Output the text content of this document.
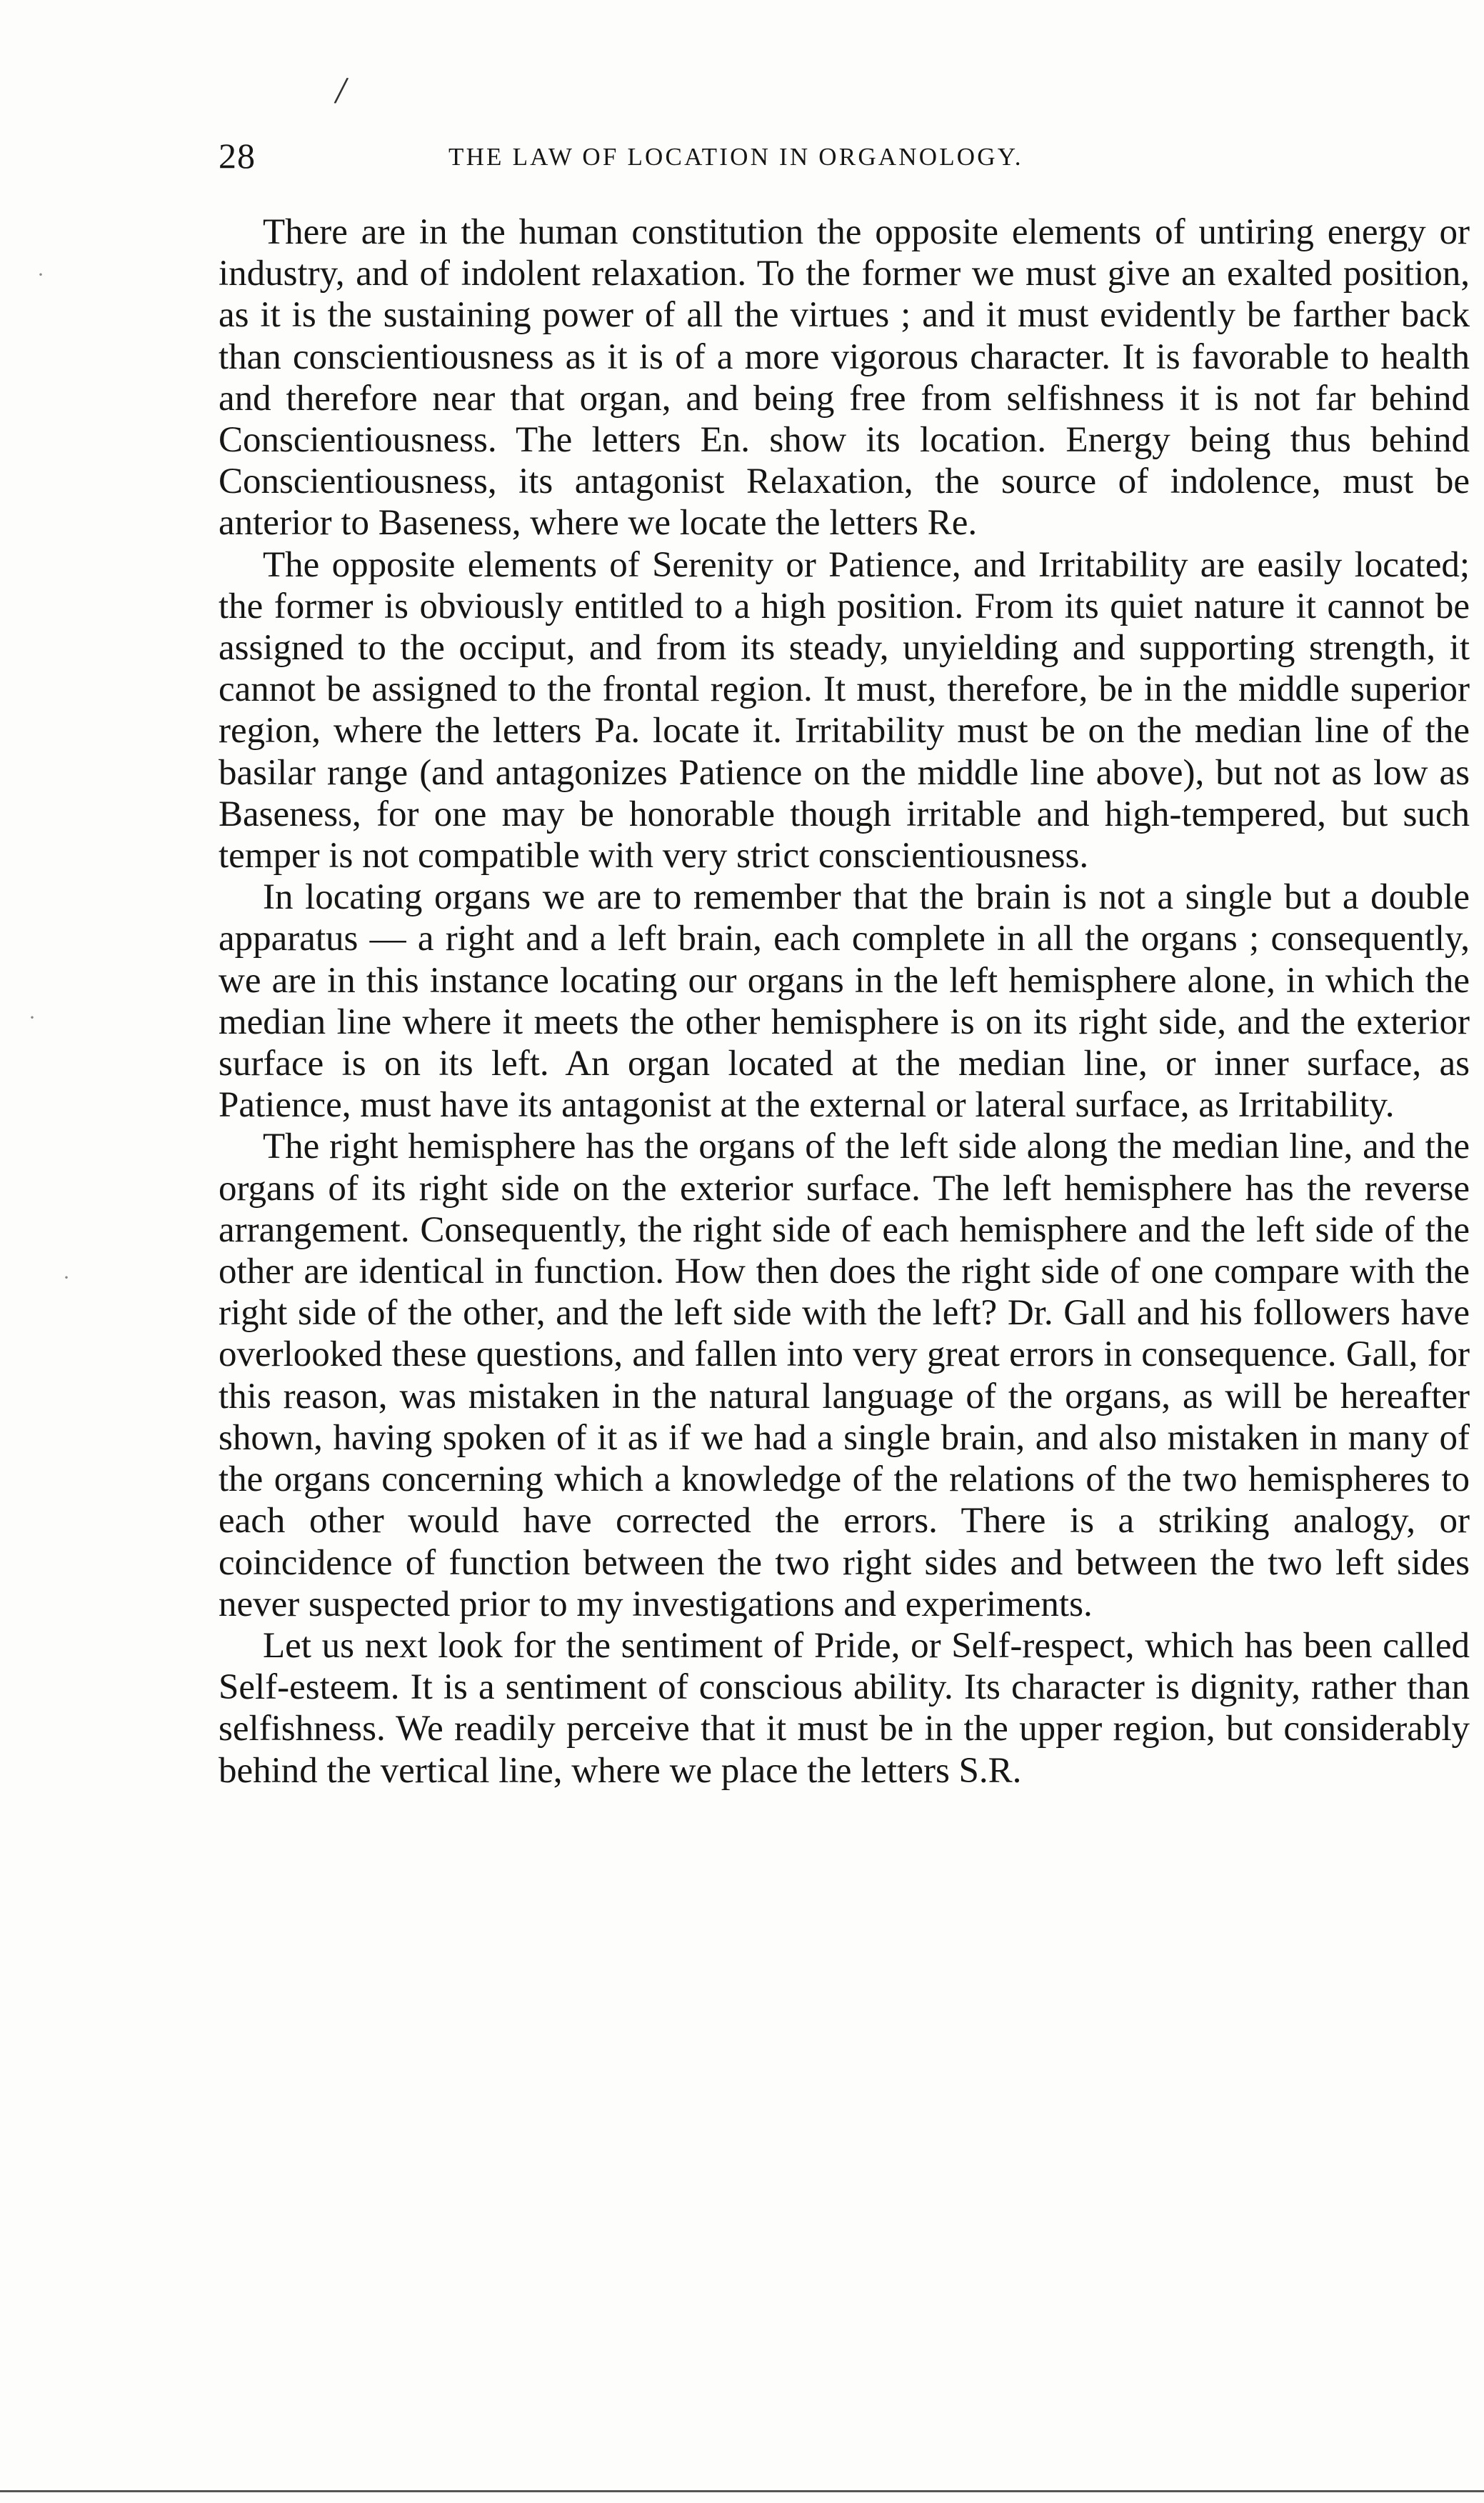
/
28	THE LAW OF LOCATION IN ORGANOLOGY.

There are in the human constitution the opposite elements of untiring energy or industry, and of indolent relaxation. To the former we must give an exalted position, as it is the sustaining power of all the virtues ; and it must evidently be farther back than conscientiousness as it is of a more vigorous character. It is favorable to health and therefore near that organ, and being free from selfishness it is not far behind Conscientiousness. The letters En. show its location. Energy being thus behind Conscientiousness, its antagonist Relaxation, the source of indolence, must be anterior to Baseness, where we locate the letters Re.

The opposite elements of Serenity or Patience, and Irritability are easily located; the former is obviously entitled to a high position. From its quiet nature it cannot be assigned to the occiput, and from its steady, unyielding and supporting strength, it cannot be assigned to the frontal region. It must, therefore, be in the middle superior region, where the letters Pa. locate it. Irritability must be on the median line of the basilar range (and antagonizes Patience on the middle line above), but not as low as Baseness, for one may be honorable though irritable and high-tempered, but such temper is not compatible with very strict conscientiousness.

In locating organs we are to remember that the brain is not a single but a double apparatus — a right and a left brain, each complete in all the organs ; consequently, we are in this instance locating our organs in the left hemisphere alone, in which the median line where it meets the other hemisphere is on its right side, and the exterior surface is on its left. An organ located at the median line, or inner surface, as Patience, must have its antagonist at the external or lateral surface, as Irritability.

The right hemisphere has the organs of the left side along the median line, and the organs of its right side on the exterior surface. The left hemisphere has the reverse arrangement. Consequently, the right side of each hemisphere and the left side of the other are identical in function. How then does the right side of one compare with the right side of the other, and the left side with the left? Dr. Gall and his followers have overlooked these questions, and fallen into very great errors in consequence. Gall, for this reason, was mistaken in the natural language of the organs, as will be hereafter shown, having spoken of it as if we had a single brain, and also mistaken in many of the organs concerning which a knowledge of the relations of the two hemispheres to each other would have corrected the errors. There is a striking analogy, or coincidence of function between the two right sides and between the two left sides never suspected prior to my investigations and experiments.

Let us next look for the sentiment of Pride, or Self-respect, which has been called Self-esteem. It is a sentiment of conscious ability. Its character is dignity, rather than selfishness. We readily perceive that it must be in the upper region, but considerably behind the vertical line, where we place the letters S.R.

·
·
·
